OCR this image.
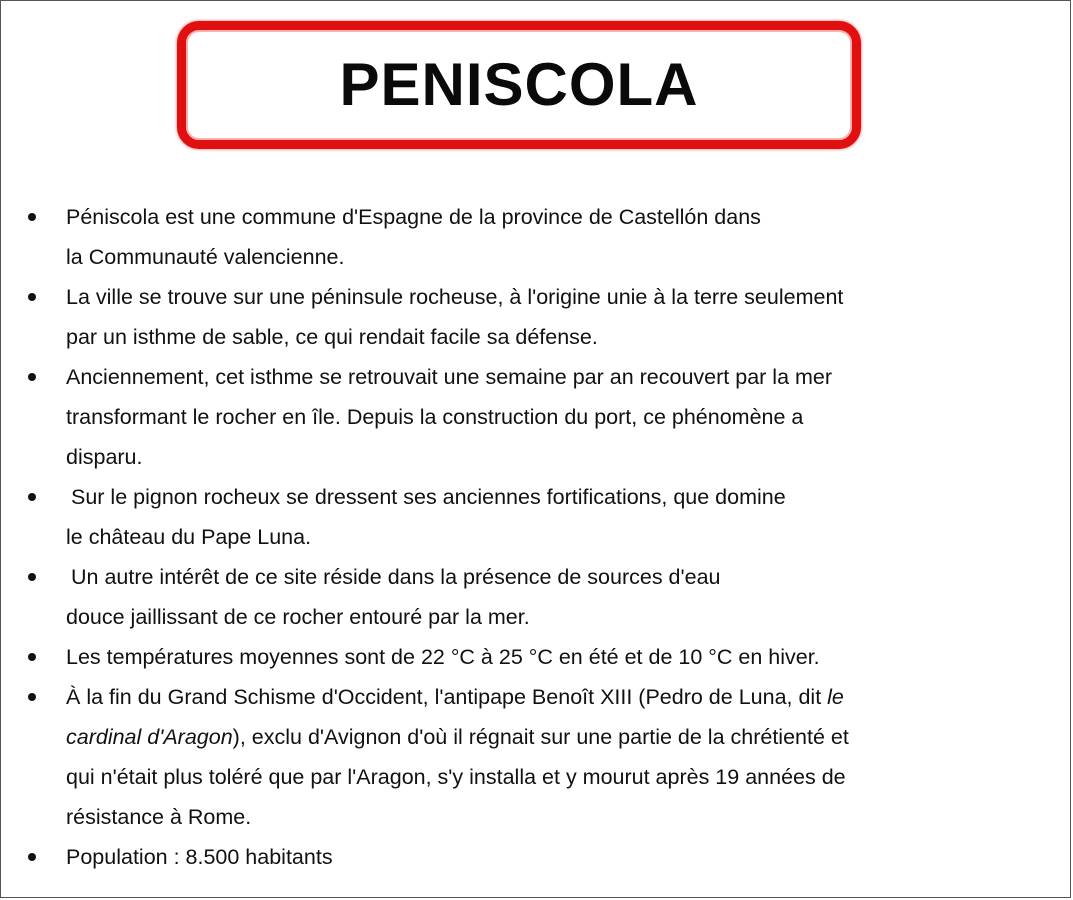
PENISCOLA
Péniscola est une commune d'Espagne de la province de Castellón dans
la Communauté valencienne.
La ville se trouve sur une péninsule rocheuse, à l'origine unie à la terre seulement
par un isthme de sable, ce qui rendait facile sa défense.
Anciennement, cet isthme se retrouvait une semaine par an recouvert par la mer
transformant le rocher en île. Depuis la construction du port, ce phénomène a
disparu.
Sur le pignon rocheux se dressent ses anciennes fortifications, que domine
le château du Pape Luna.
Un autre intérêt de ce site réside dans la présence de sources d'eau
douce jaillissant de ce rocher entouré par la mer.
Les températures moyennes sont de 22 °C à 25 °C en été et de 10 °C en hiver.
À la fin du Grand Schisme d'Occident, l'antipape Benoît XIII (Pedro de Luna, dit le
cardinal d'Aragon), exclu d'Avignon d'où il régnait sur une partie de la chrétienté et
qui n'était plus toléré que par l'Aragon, s'y installa et y mourut après 19 années de
résistance à Rome.
Population : 8.500 habitants
